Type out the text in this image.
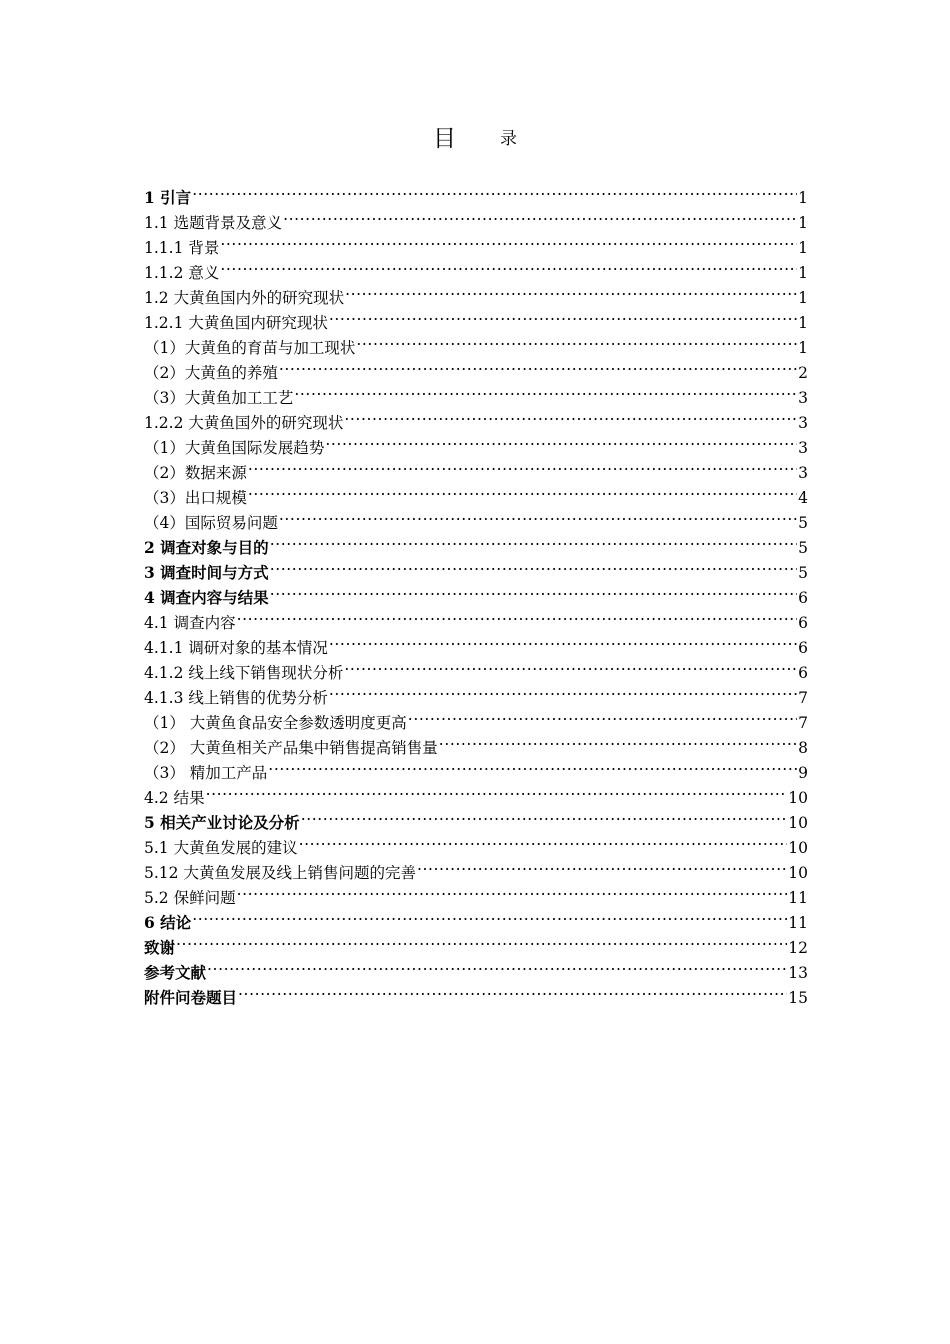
目	录
1 引言 .....	1
1.1 选题背景及意义 .....	1
1.1.1 背景 .....	1
1.1.2 意义 .....	1
1.2 大黄鱼国内外的研究现状 .....	1
1.2.1 大黄鱼国内研究现状 .....	1
（1）大黄鱼的育苗与加工现状 .....	1
（2）大黄鱼的养殖 .....	2
（3）大黄鱼加工工艺 .....	3
1.2.2 大黄鱼国外的研究现状 .....	3
（1）大黄鱼国际发展趋势 .....	3
（2）数据来源 .....	3
（3）出口规模 .....	4
（4）国际贸易问题 .....	5
2 调查对象与目的 .....	5
3 调查时间与方式 .....	5
4 调查内容与结果 .....	6
4.1 调查内容 .....	6
4.1.1 调研对象的基本情况 .....	6
4.1.2 线上线下销售现状分析 .....	6
4.1.3 线上销售的优势分析 .....	7
（1） 大黄鱼食品安全参数透明度更高 .....	7
（2） 大黄鱼相关产品集中销售提高销售量 .....	8
（3） 精加工产品 .....	9
4.2 结果 .....	10
5 相关产业讨论及分析 .....	10
5.1 大黄鱼发展的建议 .....	10
5.12 大黄鱼发展及线上销售问题的完善 .....	10
5.2 保鲜问题 .....	11
6 结论 .....	11
致谢 .....	12
参考文献 .....	13
附件问卷题目 .....	15
